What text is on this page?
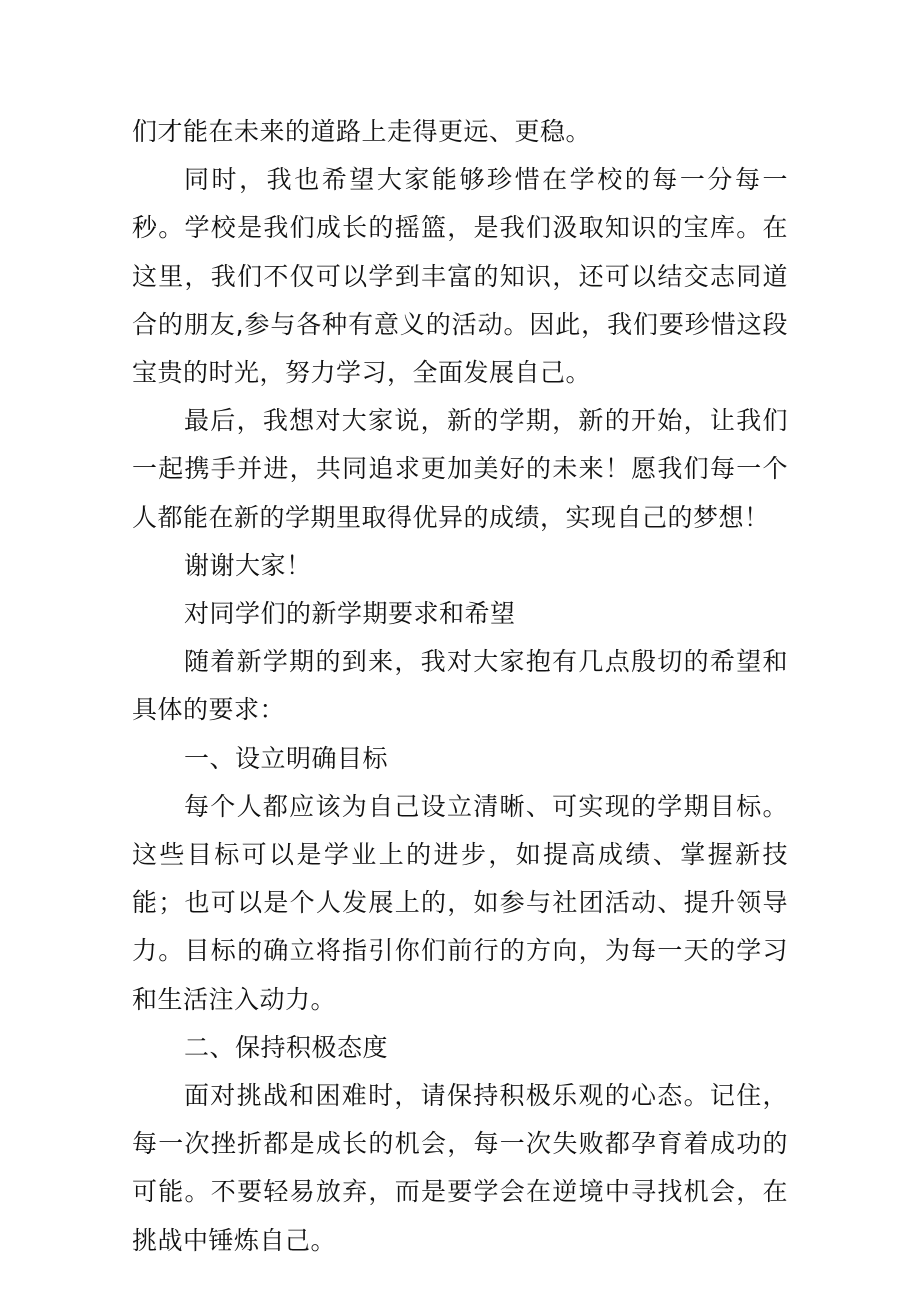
们才能在未来的道路上走得更远、更稳。

同时，我也希望大家能够珍惜在学校的每一分每一秒。学校是我们成长的摇篮，是我们汲取知识的宝库。在这里，我们不仅可以学到丰富的知识，还可以结交志同道合的朋友,参与各种有意义的活动。因此，我们要珍惜这段宝贵的时光，努力学习，全面发展自己。

最后，我想对大家说，新的学期，新的开始，让我们一起携手并进，共同追求更加美好的未来！愿我们每一个人都能在新的学期里取得优异的成绩，实现自己的梦想！

谢谢大家！

对同学们的新学期要求和希望

随着新学期的到来，我对大家抱有几点殷切的希望和具体的要求：

一、设立明确目标

每个人都应该为自己设立清晰、可实现的学期目标。这些目标可以是学业上的进步，如提高成绩、掌握新技能；也可以是个人发展上的，如参与社团活动、提升领导力。目标的确立将指引你们前行的方向，为每一天的学习和生活注入动力。

二、保持积极态度

面对挑战和困难时，请保持积极乐观的心态。记住，每一次挫折都是成长的机会，每一次失败都孕育着成功的可能。不要轻易放弃，而是要学会在逆境中寻找机会，在挑战中锤炼自己。
